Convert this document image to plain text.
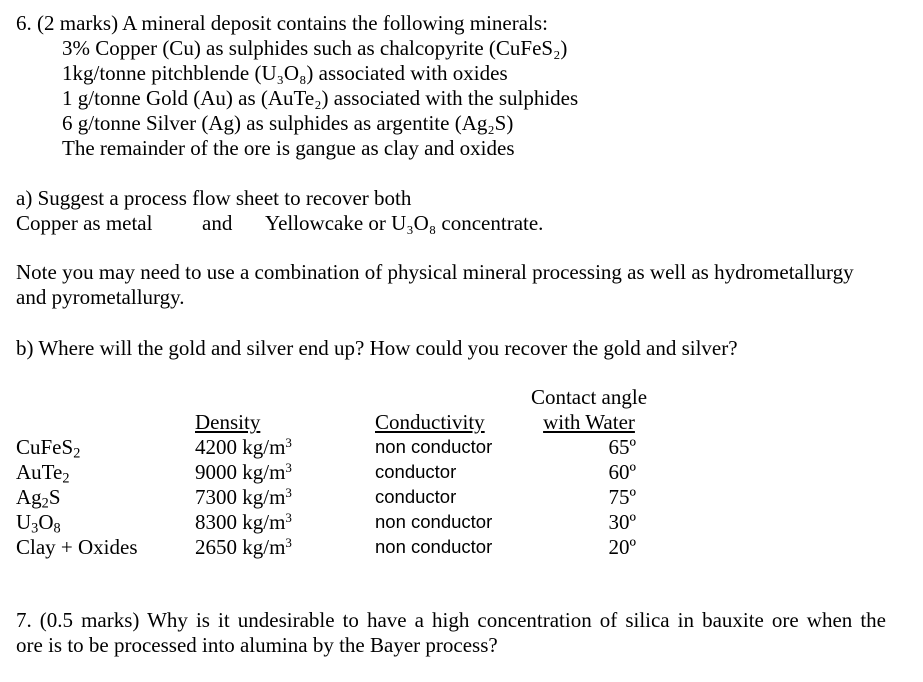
6. (2 marks) A mineral deposit contains the following minerals:
3% Copper (Cu) as sulphides such as chalcopyrite (CuFeS₂)
1kg/tonne pitchblende (U₃O₈) associated with oxides
1 g/tonne Gold (Au) as (AuTe₂) associated with the sulphides
6 g/tonne Silver (Ag) as sulphides as argentite (Ag₂S)
The remainder of the ore is gangue as clay and oxides
a) Suggest a process flow sheet to recover both
Copper as metal and Yellowcake or U₃O₈ concentrate.
Note you may need to use a combination of physical mineral processing as well as hydrometallurgy
and pyrometallurgy.
b) Where will the gold and silver end up? How could you recover the gold and silver?
Contact angle
Density	Conductivity	with Water
CuFeS$_2$	4200 $kg/m^3$	non conductor	65º
AuTe$_2$	9000 $kg/m^3$	conductor	60º
$Ag_2S$	7300 $kg/m^3$	conductor	75º
$U_3O_8$	8300 $kg/m^3$	non conductor	30º
Clay + Oxides	2650 $kg/m^3$	non conductor	20º
7. (0.5 marks) Why is it undesirable to have a high concentration of silica in bauxite ore when the
ore is to be processed into alumina by the Bayer process?
